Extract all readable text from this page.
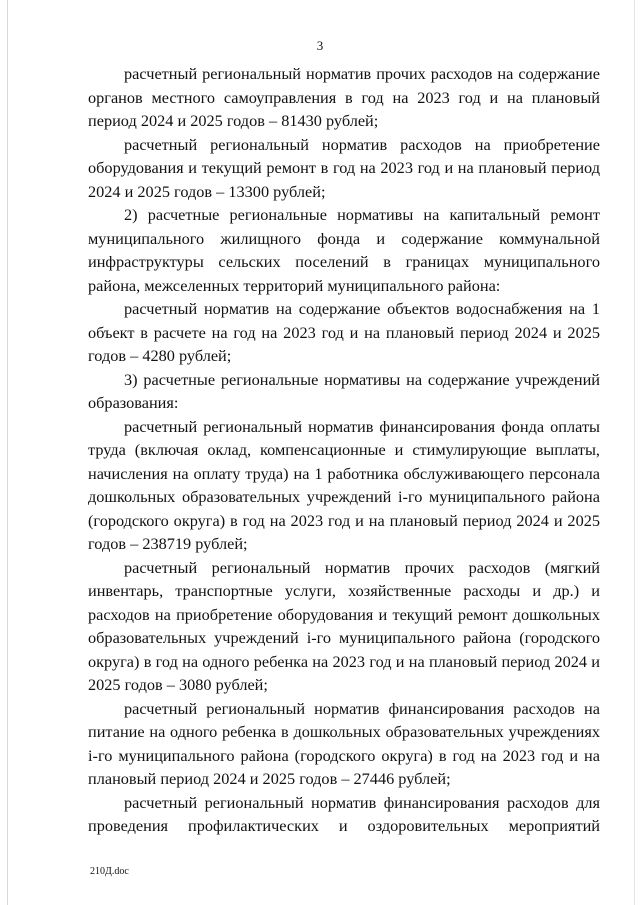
3

расчетный региональный норматив прочих расходов на содержание органов местного самоуправления в год на 2023 год и на плановый период 2024 и 2025 годов – 81430 рублей;

расчетный региональный норматив расходов на приобретение оборудования и текущий ремонт в год на 2023 год и на плановый период 2024 и 2025 годов – 13300 рублей;

2) расчетные региональные нормативы на капитальный ремонт муниципального жилищного фонда и содержание коммунальной инфраструктуры сельских поселений в границах муниципального района, межселенных территорий муниципального района:

расчетный норматив на содержание объектов водоснабжения на 1 объект в расчете на год на 2023 год и на плановый период 2024 и 2025 годов – 4280 рублей;

3) расчетные региональные нормативы на содержание учреждений образования:

расчетный региональный норматив финансирования фонда оплаты труда (включая оклад, компенсационные и стимулирующие выплаты, начисления на оплату труда) на 1 работника обслуживающего персонала дошкольных образовательных учреждений i-го муниципального района (городского округа) в год на 2023 год и на плановый период 2024 и 2025 годов – 238719 рублей;

расчетный региональный норматив прочих расходов (мягкий инвентарь, транспортные услуги, хозяйственные расходы и др.) и расходов на приобретение оборудования и текущий ремонт дошкольных образовательных учреждений i-го муниципального района (городского округа) в год на одного ребенка на 2023 год и на плановый период 2024 и 2025 годов – 3080 рублей;

расчетный региональный норматив финансирования расходов на питание на одного ребенка в дошкольных образовательных учреждениях i-го муниципального района (городского округа) в год на 2023 год и на плановый период 2024 и 2025 годов – 27446 рублей;

расчетный региональный норматив финансирования расходов для проведения профилактических и оздоровительных мероприятий

210Д.doc
